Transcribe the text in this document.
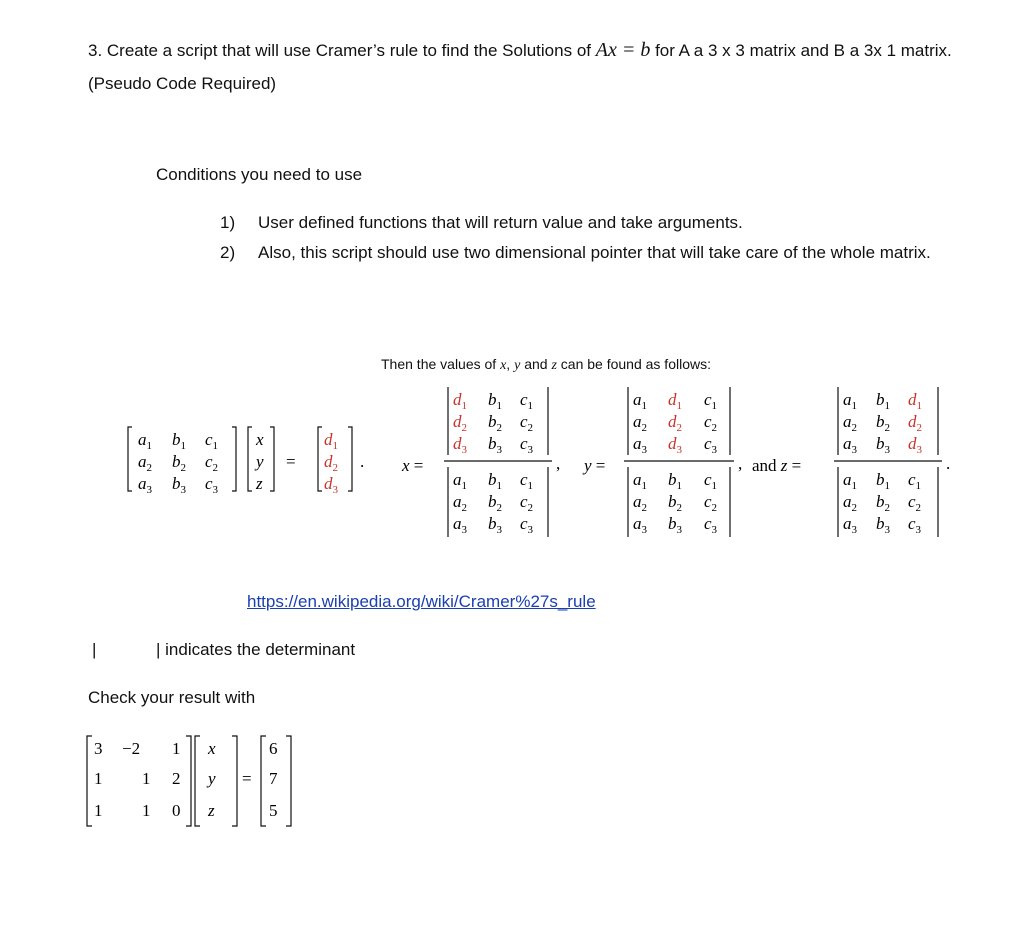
3. Create a script that will use Cramer’s rule to find the Solutions of Ax = b for A a 3 x 3 matrix and B a 3x 1 matrix. (Pseudo Code Required)
Conditions you need to use
1) User defined functions that will return value and take arguments.
2) Also, this script should use two dimensional pointer that will take care of the whole matrix.
Then the values of x, y and z can be found as follows:
$a_1$ $b_1$ $c_1$
$a_2$ $b_2$ $c_2$
$a_3$ $b_3$ $c_3$
x
y
z
=
$d_1$
$d_2$
$d_3$
. x =
$d_1$ $b_1$ $c_1$
$d_2$ $b_2$ $c_2$
$d_3$ $b_3$ $c_3$
$a_1$ $b_1$ $c_1$
$a_2$ $b_2$ $c_2$
$a_3$ $b_3$ $c_3$
, y =
$a_1$ $d_1$ $c_1$
$a_2$ $d_2$ $c_2$
$a_3$ $d_3$ $c_3$
$a_1$ $b_1$ $c_1$
$a_2$ $b_2$ $c_2$
$a_3$ $b_3$ $c_3$
, and z =
$a_1$ $b_1$ $d_1$
$a_2$ $b_2$ $d_2$
$a_3$ $b_3$ $d_3$
$a_1$ $b_1$ $c_1$
$a_2$ $b_2$ $c_2$
$a_3$ $b_3$ $c_3$
.
https://en.wikipedia.org/wiki/Cramer%27s_rule
|	| indicates the determinant
Check your result with
3 −2 1
1 1 2
1 1 0
x
y
z
=
6
7
5
